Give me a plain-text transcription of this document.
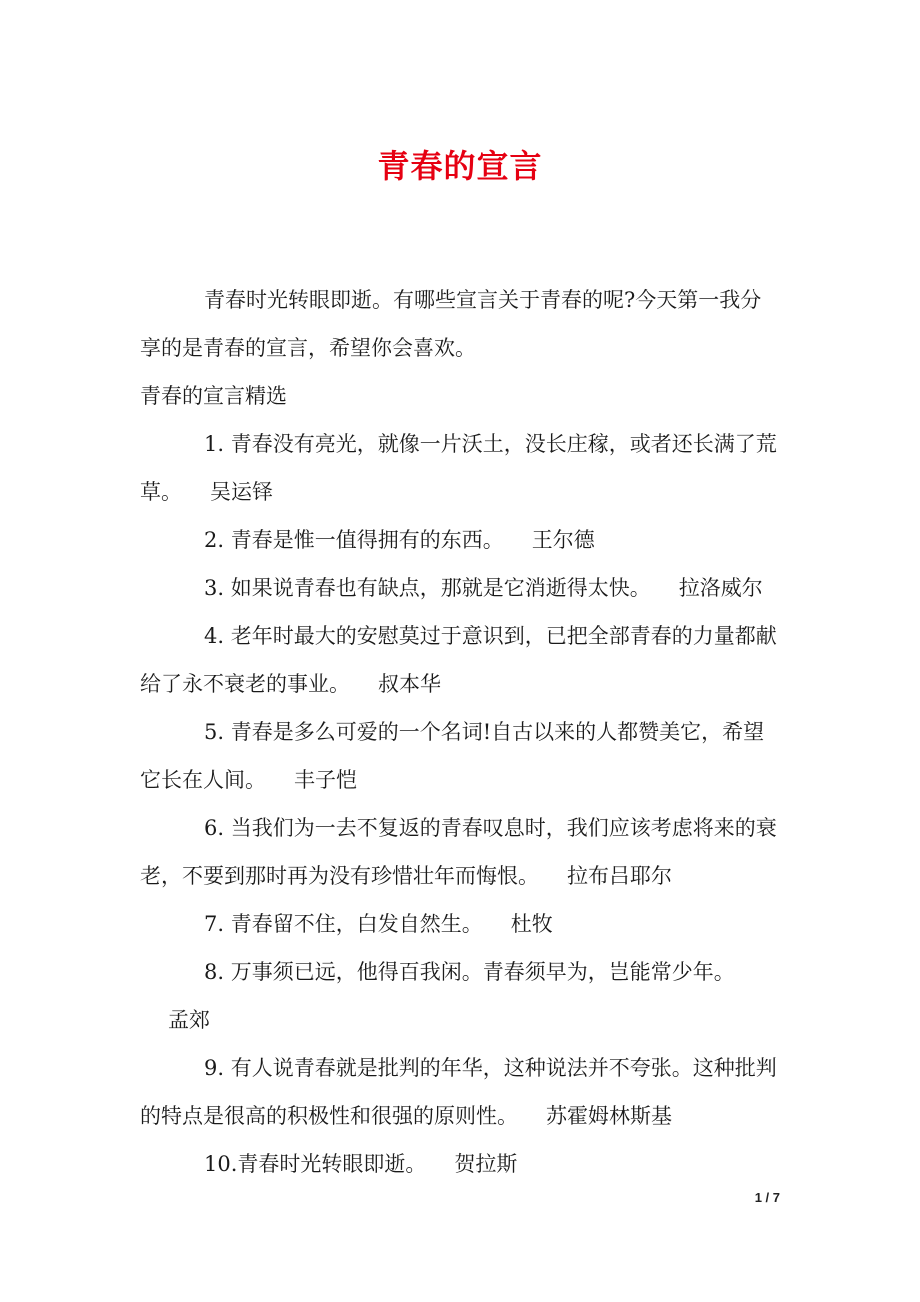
青春的宣言

青春时光转眼即逝。有哪些宣言关于青春的呢?今天第一我分享的是青春的宣言，希望你会喜欢。

青春的宣言精选

1. 青春没有亮光，就像一片沃土，没长庄稼，或者还长满了荒草。 吴运铎

2. 青春是惟一值得拥有的东西。 王尔德

3. 如果说青春也有缺点，那就是它消逝得太快。 拉洛威尔

4. 老年时最大的安慰莫过于意识到，已把全部青春的力量都献给了永不衰老的事业。 叔本华

5. 青春是多么可爱的一个名词!自古以来的人都赞美它，希望它长在人间。 丰子恺

6. 当我们为一去不复返的青春叹息时，我们应该考虑将来的衰老，不要到那时再为没有珍惜壮年而悔恨。 拉布吕耶尔

7. 青春留不住，白发自然生。 杜牧

8. 万事须已远，他得百我闲。青春须早为，岂能常少年。孟郊

9. 有人说青春就是批判的年华，这种说法并不夸张。这种批判的特点是很高的积极性和很强的原则性。 苏霍姆林斯基

10.青春时光转眼即逝。 贺拉斯

1 / 7
